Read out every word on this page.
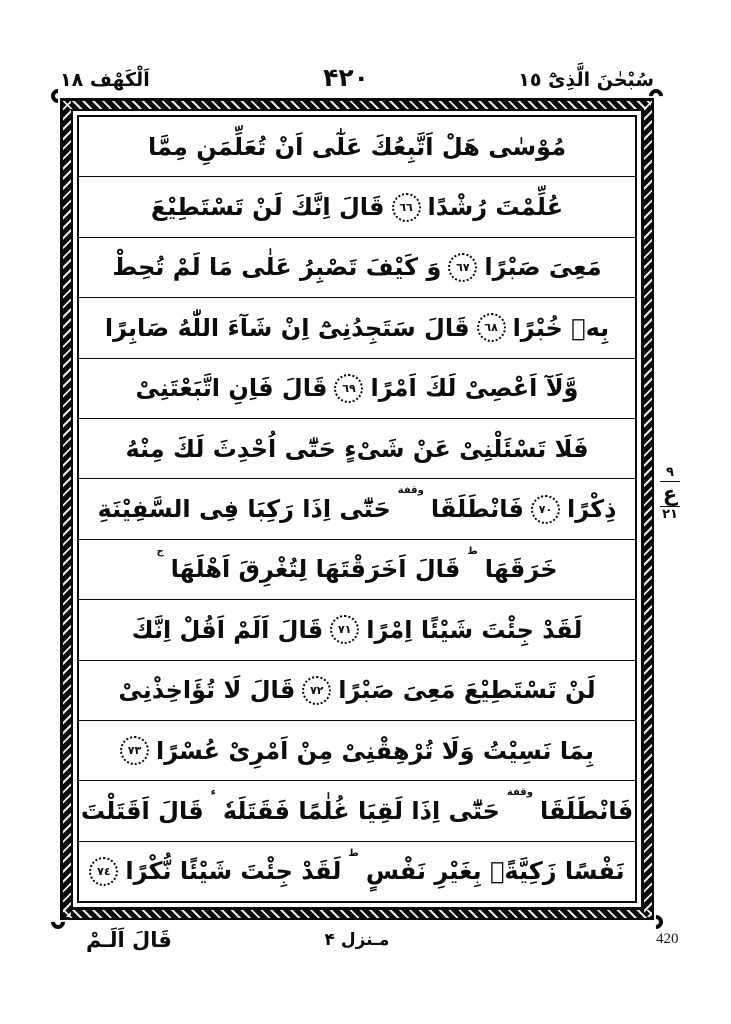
سُبْحٰنَ الَّذِىْٓ ١٥
۴۲۰
اَلْكَهْف ١٨
مُوْسٰى هَلْ اَتَّبِعُكَ عَلٰٓى اَنْ تُعَلِّمَنِ مِمَّا
عُلِّمْتَ رُشْدًا
٦٦
قَالَ اِنَّكَ لَنْ تَسْتَطِيْعَ
مَعِىَ صَبْرًا
٦٧
وَ كَيْفَ تَصْبِرُ عَلٰى مَا لَمْ تُحِطْ
بِهٖ خُبْرًا
٦٨
قَالَ سَتَجِدُنِىْٓ اِنْ شَآءَ اللّٰهُ صَابِرًا
وَّلَآ اَعْصِىْ لَكَ اَمْرًا
٦٩
قَالَ فَاِنِ اتَّبَعْتَنِىْ
فَلَا تَسْئَلْنِىْ عَنْ شَىْءٍ حَتّٰٓى اُحْدِثَ لَكَ مِنْهُ
ذِكْرًا
٧٠
فَانْطَلَقَا
وقفة
حَتّٰٓى اِذَا رَكِبَا فِى السَّفِيْنَةِ
خَرَقَهَا
ط
قَالَ اَخَرَقْتَهَا لِتُغْرِقَ اَهْلَهَا
ج
لَقَدْ جِئْتَ شَيْئًا اِمْرًا
٧١
قَالَ اَلَمْ اَقُلْ اِنَّكَ
لَنْ تَسْتَطِيْعَ مَعِىَ صَبْرًا
٧٢
قَالَ لَا تُؤَاخِذْنِىْ
بِمَا نَسِيْتُ وَلَا تُرْهِقْنِىْ مِنْ اَمْرِىْ عُسْرًا
٧٣
فَانْطَلَقَا
وقفة
حَتّٰٓى اِذَا لَقِيَا غُلٰمًا فَقَتَلَهٗ
ء
قَالَ اَقَتَلْتَ
نَفْسًا زَكِيَّةًۢ بِغَيْرِ نَفْسٍ
ط
لَقَدْ جِئْتَ شَيْئًا نُّكْرًا
٧٤
٩
ع
٢١
قَالَ اَلَـمْ	مـنزل ۴	420
